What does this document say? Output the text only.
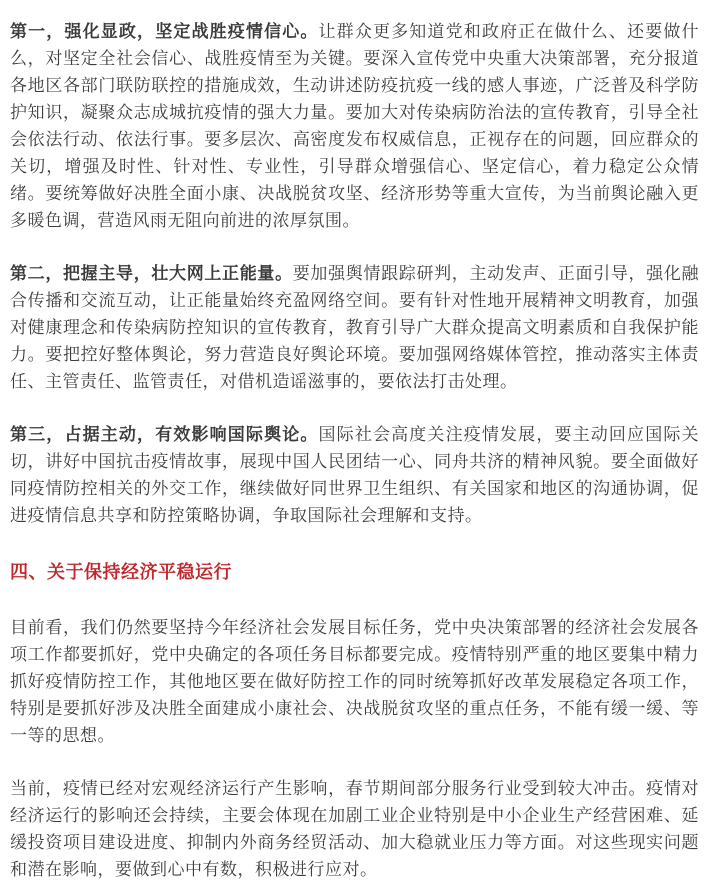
第一，强化显政，坚定战胜疫情信心。让群众更多知道党和政府正在做什么、还要做什么，对坚定全社会信心、战胜疫情至为关键。要深入宣传党中央重大决策部署，充分报道各地区各部门联防联控的措施成效，生动讲述防疫抗疫一线的感人事迹，广泛普及科学防护知识，凝聚众志成城抗疫情的强大力量。要加大对传染病防治法的宣传教育，引导全社会依法行动、依法行事。要多层次、高密度发布权威信息，正视存在的问题，回应群众的关切，增强及时性、针对性、专业性，引导群众增强信心、坚定信心，着力稳定公众情绪。要统筹做好决胜全面小康、决战脱贫攻坚、经济形势等重大宣传，为当前舆论融入更多暖色调，营造风雨无阻向前进的浓厚氛围。

第二，把握主导，壮大网上正能量。要加强舆情跟踪研判，主动发声、正面引导，强化融合传播和交流互动，让正能量始终充盈网络空间。要有针对性地开展精神文明教育，加强对健康理念和传染病防控知识的宣传教育，教育引导广大群众提高文明素质和自我保护能力。要把控好整体舆论，努力营造良好舆论环境。要加强网络媒体管控，推动落实主体责任、主管责任、监管责任，对借机造谣滋事的，要依法打击处理。

第三，占据主动，有效影响国际舆论。国际社会高度关注疫情发展，要主动回应国际关切，讲好中国抗击疫情故事，展现中国人民团结一心、同舟共济的精神风貌。要全面做好同疫情防控相关的外交工作，继续做好同世界卫生组织、有关国家和地区的沟通协调，促进疫情信息共享和防控策略协调，争取国际社会理解和支持。

四、关于保持经济平稳运行

目前看，我们仍然要坚持今年经济社会发展目标任务，党中央决策部署的经济社会发展各项工作都要抓好，党中央确定的各项任务目标都要完成。疫情特别严重的地区要集中精力抓好疫情防控工作，其他地区要在做好防控工作的同时统筹抓好改革发展稳定各项工作，特别是要抓好涉及决胜全面建成小康社会、决战脱贫攻坚的重点任务，不能有缓一缓、等一等的思想。

当前，疫情已经对宏观经济运行产生影响，春节期间部分服务行业受到较大冲击。疫情对经济运行的影响还会持续，主要会体现在加剧工业企业特别是中小企业生产经营困难、延缓投资项目建设进度、抑制内外商务经贸活动、加大稳就业压力等方面。对这些现实问题和潜在影响，要做到心中有数，积极进行应对。
